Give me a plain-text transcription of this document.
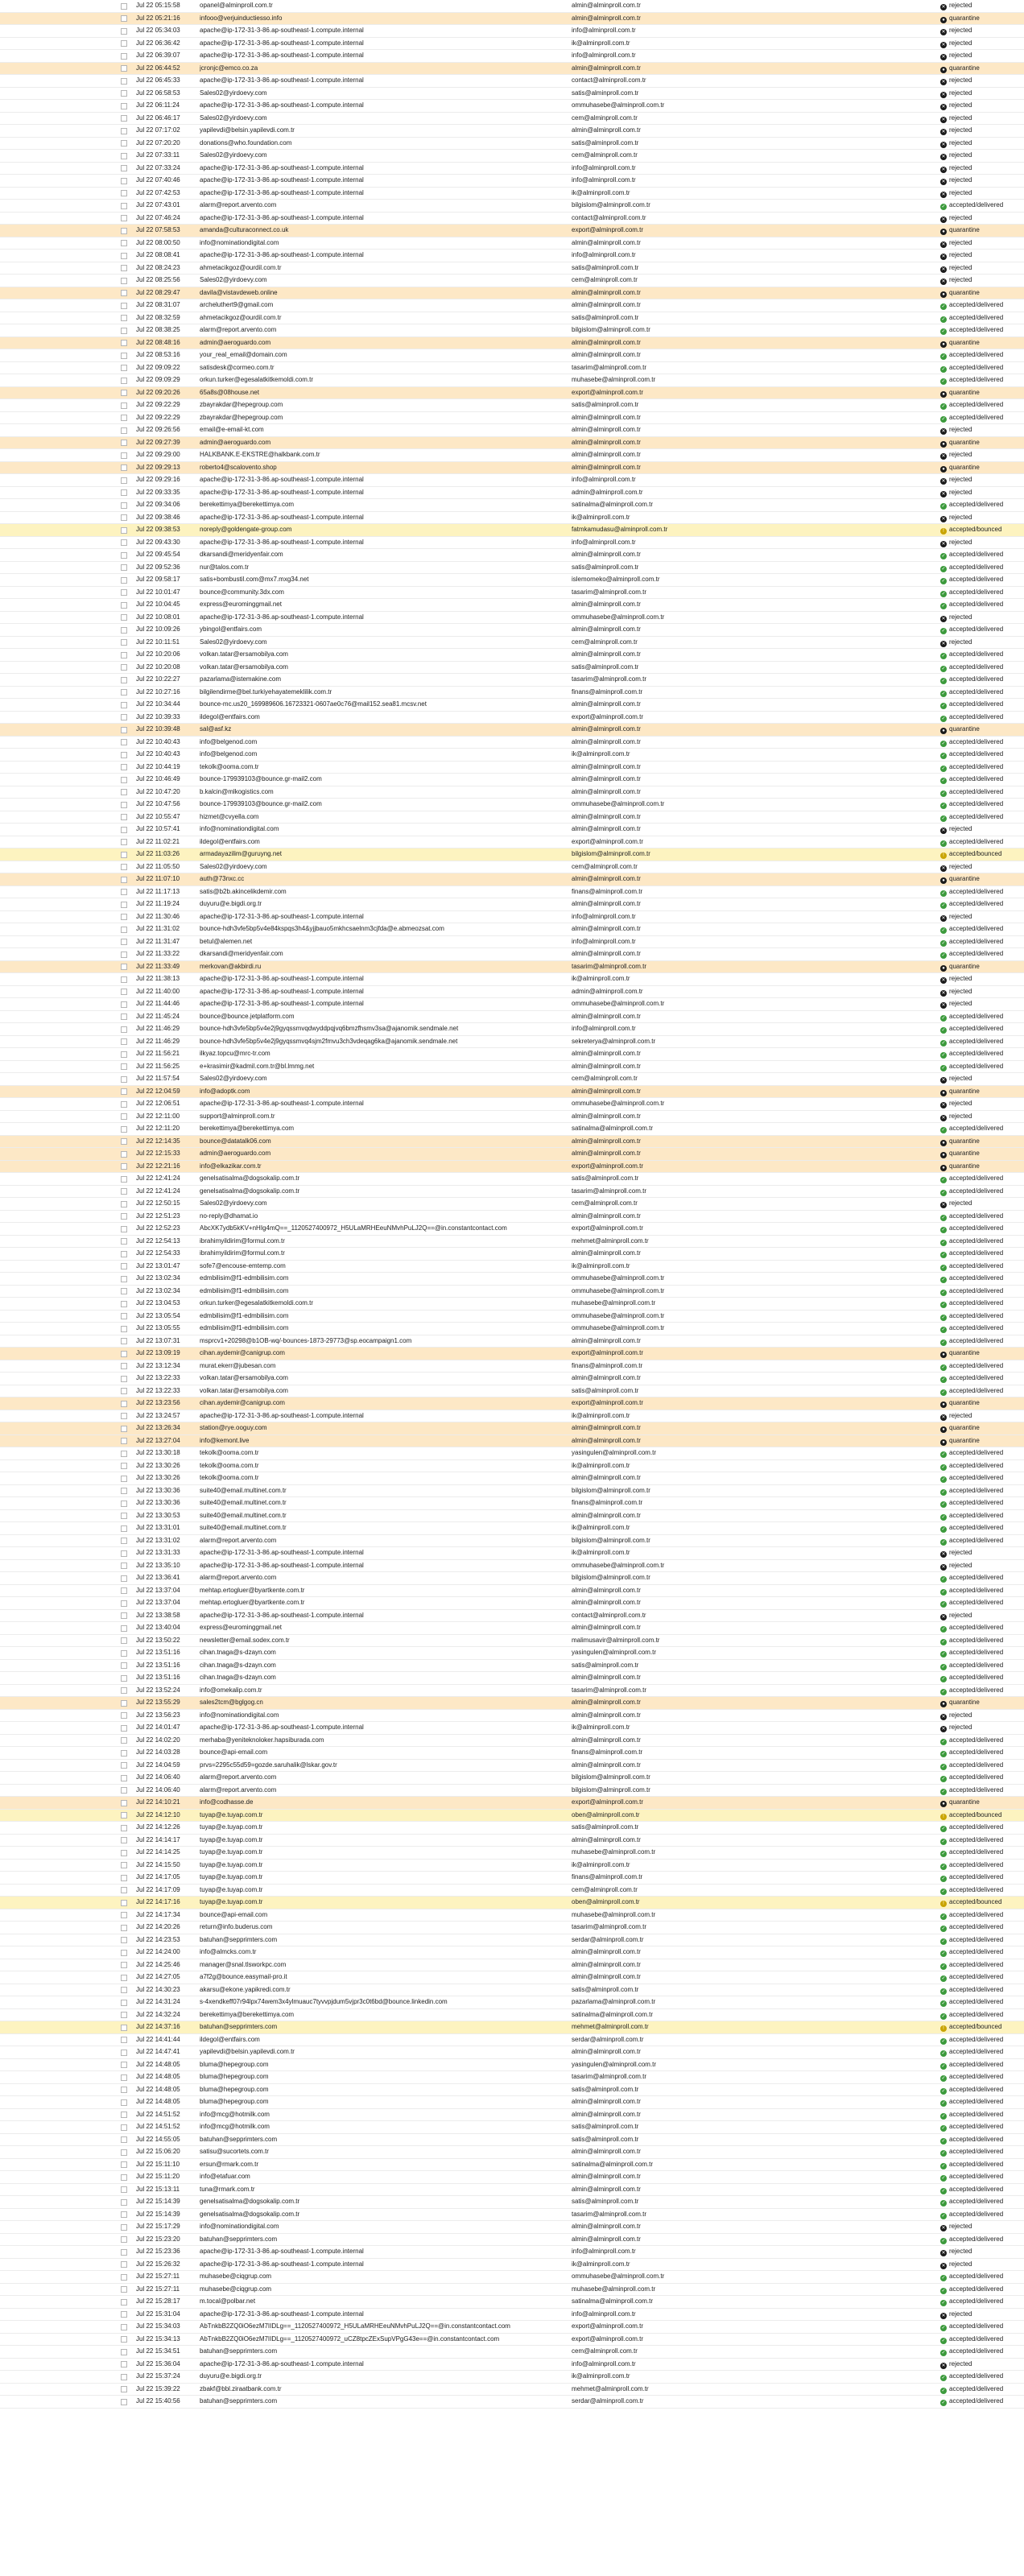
Jul 22 05:15:58	opanel@alminproll.com.tr	almin@alminproll.com.tr	✕ rejected
Jul 22 05:21:16	infooo@verjuinductiesso.info	almin@alminproll.com.tr	● quarantine
Jul 22 05:34:03	apache@ip-172-31-3-86.ap-southeast-1.compute.internal	info@alminproll.com.tr	✕ rejected
Jul 22 06:36:42	apache@ip-172-31-3-86.ap-southeast-1.compute.internal	ik@alminproll.com.tr	✕ rejected
Jul 22 06:39:07	apache@ip-172-31-3-86.ap-southeast-1.compute.internal	info@alminproll.com.tr	✕ rejected
Jul 22 06:44:52	jcronjc@emco.co.za	almin@alminproll.com.tr	● quarantine
Jul 22 06:45:33	apache@ip-172-31-3-86.ap-southeast-1.compute.internal	contact@alminproll.com.tr	✕ rejected
Jul 22 06:58:53	Sales02@yirdoevy.com	satis@alminproll.com.tr	✕ rejected
Jul 22 06:11:24	apache@ip-172-31-3-86.ap-southeast-1.compute.internal	ommuhasebe@alminproll.com.tr	✕ rejected
Jul 22 06:46:17	Sales02@yirdoevy.com	cem@alminproll.com.tr	✕ rejected
Jul 22 07:17:02	yapilevdi@belsin.yapilevdi.com.tr	almin@alminproll.com.tr	✕ rejected
Jul 22 07:20:20	donations@who.foundation.com	satis@alminproll.com.tr	✕ rejected
Jul 22 07:33:11	Sales02@yirdoevy.com	cem@alminproll.com.tr	✕ rejected
Jul 22 07:33:24	apache@ip-172-31-3-86.ap-southeast-1.compute.internal	info@alminproll.com.tr	✕ rejected
Jul 22 07:40:46	apache@ip-172-31-3-86.ap-southeast-1.compute.internal	info@alminproll.com.tr	✕ rejected
Jul 22 07:42:53	apache@ip-172-31-3-86.ap-southeast-1.compute.internal	ik@alminproll.com.tr	✕ rejected
Jul 22 07:43:01	alarm@report.arvento.com	bilgislom@alminproll.com.tr	✓ accepted/delivered
Jul 22 07:46:24	apache@ip-172-31-3-86.ap-southeast-1.compute.internal	contact@alminproll.com.tr	✕ rejected
Jul 22 07:58:53	amanda@culturaconnect.co.uk	export@alminproll.com.tr	● quarantine
Jul 22 08:00:50	info@nominationdigital.com	almin@alminproll.com.tr	✕ rejected
Jul 22 08:08:41	apache@ip-172-31-3-86.ap-southeast-1.compute.internal	info@alminproll.com.tr	✕ rejected
Jul 22 08:24:23	ahmetacikgoz@ourdil.com.tr	satis@alminproll.com.tr	✕ rejected
Jul 22 08:25:56	Sales02@yirdoevy.com	cem@alminproll.com.tr	✕ rejected
Jul 22 08:29:47	davila@vistavdeweb.online	almin@alminproll.com.tr	● quarantine
Jul 22 08:31:07	archeluthert9@gmail.com	almin@alminproll.com.tr	✓ accepted/delivered
Jul 22 08:32:59	ahmetacikgoz@ourdil.com.tr	satis@alminproll.com.tr	✓ accepted/delivered
Jul 22 08:38:25	alarm@report.arvento.com	bilgislom@alminproll.com.tr	✓ accepted/delivered
Jul 22 08:48:16	admin@aeroguardo.com	almin@alminproll.com.tr	● quarantine
Jul 22 08:53:16	your_real_email@domain.com	almin@alminproll.com.tr	✓ accepted/delivered
Jul 22 09:09:22	satisdesk@cormeo.com.tr	tasarim@alminproll.com.tr	✓ accepted/delivered
Jul 22 09:09:29	orkun.turker@egesalatkitkemoldi.com.tr	muhasebe@alminproll.com.tr	✓ accepted/delivered
Jul 22 09:20:26	65a8s@08house.net	export@alminproll.com.tr	● quarantine
Jul 22 09:22:29	zbayrakdar@hepegroup.com	satis@alminproll.com.tr	✓ accepted/delivered
Jul 22 09:22:29	zbayrakdar@hepegroup.com	almin@alminproll.com.tr	✓ accepted/delivered
Jul 22 09:26:56	email@e-email-kt.com	almin@alminproll.com.tr	✕ rejected
Jul 22 09:27:39	admin@aeroguardo.com	almin@alminproll.com.tr	● quarantine
Jul 22 09:29:00	HALKBANK.E-EKSTRE@halkbank.com.tr	almin@alminproll.com.tr	✕ rejected
Jul 22 09:29:13	roberto4@scalovento.shop	almin@alminproll.com.tr	● quarantine
Jul 22 09:29:16	apache@ip-172-31-3-86.ap-southeast-1.compute.internal	info@alminproll.com.tr	✕ rejected
Jul 22 09:33:35	apache@ip-172-31-3-86.ap-southeast-1.compute.internal	admin@alminproll.com.tr	✕ rejected
Jul 22 09:34:06	berekettimya@berekettimya.com	satinalma@alminproll.com.tr	✓ accepted/delivered
Jul 22 09:38:46	apache@ip-172-31-3-86.ap-southeast-1.compute.internal	ik@alminproll.com.tr	✕ rejected
Jul 22 09:38:53	noreply@goldengate-group.com	fatmkamudasu@alminproll.com.tr	! accepted/bounced
Jul 22 09:43:30	apache@ip-172-31-3-86.ap-southeast-1.compute.internal	info@alminproll.com.tr	✕ rejected
Jul 22 09:45:54	dkarsandi@meridyenfair.com	almin@alminproll.com.tr	✓ accepted/delivered
Jul 22 09:52:36	nur@talos.com.tr	satis@alminproll.com.tr	✓ accepted/delivered
Jul 22 09:58:17	satis+bombustil.com@mx7.mxg34.net	islemomeko@alminproll.com.tr	✓ accepted/delivered
Jul 22 10:01:47	bounce@community.3dx.com	tasarim@alminproll.com.tr	✓ accepted/delivered
Jul 22 10:04:45	express@eurominggmail.net	almin@alminproll.com.tr	✓ accepted/delivered
Jul 22 10:08:01	apache@ip-172-31-3-86.ap-southeast-1.compute.internal	ommuhasebe@alminproll.com.tr	✕ rejected
Jul 22 10:09:26	ybingol@entfairs.com	almin@alminproll.com.tr	✓ accepted/delivered
Jul 22 10:11:51	Sales02@yirdoevy.com	cem@alminproll.com.tr	✕ rejected
Jul 22 10:20:06	volkan.tatar@ersamobilya.com	almin@alminproll.com.tr	✓ accepted/delivered
Jul 22 10:20:08	volkan.tatar@ersamobilya.com	satis@alminproll.com.tr	✓ accepted/delivered
Jul 22 10:22:27	pazarlama@istemakine.com	tasarim@alminproll.com.tr	✓ accepted/delivered
Jul 22 10:27:16	bilgilendirme@bel.turkiyehayatemeklilik.com.tr	finans@alminproll.com.tr	✓ accepted/delivered
Jul 22 10:34:44	bounce-mc.us20_169989606.16723321-0607ae0c76@mail152.sea81.mcsv.net	almin@alminproll.com.tr	✓ accepted/delivered
Jul 22 10:39:33	ildegol@entfairs.com	export@alminproll.com.tr	✓ accepted/delivered
Jul 22 10:39:48	sal@asf.kz	almin@alminproll.com.tr	● quarantine
Jul 22 10:40:43	info@belgenod.com	almin@alminproll.com.tr	✓ accepted/delivered
Jul 22 10:40:43	info@belgenod.com	ik@alminproll.com.tr	✓ accepted/delivered
Jul 22 10:44:19	tekolk@ooma.com.tr	almin@alminproll.com.tr	✓ accepted/delivered
Jul 22 10:46:49	bounce-179939103@bounce.gr-mail2.com	almin@alminproll.com.tr	✓ accepted/delivered
Jul 22 10:47:20	b.kalcin@mlkogistics.com	almin@alminproll.com.tr	✓ accepted/delivered
Jul 22 10:47:56	bounce-179939103@bounce.gr-mail2.com	ommuhasebe@alminproll.com.tr	✓ accepted/delivered
Jul 22 10:55:47	hizmet@cvyella.com	almin@alminproll.com.tr	✓ accepted/delivered
Jul 22 10:57:41	info@nominationdigital.com	almin@alminproll.com.tr	✕ rejected
Jul 22 11:02:21	ildegol@entfairs.com	export@alminproll.com.tr	✓ accepted/delivered
Jul 22 11:03:26	armadayazilim@guruyng.net	bilgislom@alminproll.com.tr	! accepted/bounced
Jul 22 11:05:50	Sales02@yirdoevy.com	cem@alminproll.com.tr	✕ rejected
Jul 22 11:07:10	auth@73nxc.cc	almin@alminproll.com.tr	● quarantine
Jul 22 11:17:13	satis@b2b.akincelikdemir.com	finans@alminproll.com.tr	✓ accepted/delivered
Jul 22 11:19:24	duyuru@e.bigdi.org.tr	almin@alminproll.com.tr	✓ accepted/delivered
Jul 22 11:30:46	apache@ip-172-31-3-86.ap-southeast-1.compute.internal	info@alminproll.com.tr	✕ rejected
Jul 22 11:31:02	bounce-hdh3vfe5bp5v4e84kspqs3h4&yjjbauo5mkhcsaelnm3cjfda@e.abmeozsat.com	almin@alminproll.com.tr	✓ accepted/delivered
Jul 22 11:31:47	betul@alemen.net	info@alminproll.com.tr	✓ accepted/delivered
Jul 22 11:33:22	dkarsandi@meridyenfair.com	almin@alminproll.com.tr	✓ accepted/delivered
Jul 22 11:33:49	merkovan@akbirdi.ru	tasarim@alminproll.com.tr	● quarantine
Jul 22 11:38:13	apache@ip-172-31-3-86.ap-southeast-1.compute.internal	ik@alminproll.com.tr	✕ rejected
Jul 22 11:40:00	apache@ip-172-31-3-86.ap-southeast-1.compute.internal	admin@alminproll.com.tr	✕ rejected
Jul 22 11:44:46	apache@ip-172-31-3-86.ap-southeast-1.compute.internal	ommuhasebe@alminproll.com.tr	✕ rejected
Jul 22 11:45:24	bounce@bounce.jetplatform.com	almin@alminproll.com.tr	✓ accepted/delivered
Jul 22 11:46:29	bounce-hdh3vfe5bp5v4e2j9gyqssmvqdwyddpqjvq6bmzfhsmv3sa@ajanomik.sendmale.net	info@alminproll.com.tr	✓ accepted/delivered
Jul 22 11:46:29	bounce-hdh3vfe5bp5v4e2j9gyqssmvq4sjm2fmvu3ch3vdeqag6ka@ajanomik.sendmale.net	sekreterya@alminproll.com.tr	✓ accepted/delivered
Jul 22 11:56:21	ilkyaz.topcu@mrc-tr.com	almin@alminproll.com.tr	✓ accepted/delivered
Jul 22 11:56:25	e+krasimir@kadmil.com.tr@bl.lmmg.net	almin@alminproll.com.tr	✓ accepted/delivered
Jul 22 11:57:54	Sales02@yirdoevy.com	cem@alminproll.com.tr	✕ rejected
Jul 22 12:04:59	info@adoptk.com	almin@alminproll.com.tr	● quarantine
Jul 22 12:06:51	apache@ip-172-31-3-86.ap-southeast-1.compute.internal	ommuhasebe@alminproll.com.tr	✕ rejected
Jul 22 12:11:00	support@alminproll.com.tr	almin@alminproll.com.tr	✕ rejected
Jul 22 12:11:20	berekettimya@berekettimya.com	satinalma@alminproll.com.tr	✓ accepted/delivered
Jul 22 12:14:35	bounce@datatalk06.com	almin@alminproll.com.tr	● quarantine
Jul 22 12:15:33	admin@aeroguardo.com	almin@alminproll.com.tr	● quarantine
Jul 22 12:21:16	info@elkazikar.com.tr	export@alminproll.com.tr	● quarantine
Jul 22 12:41:24	genelsatisalma@dogsokalip.com.tr	satis@alminproll.com.tr	✓ accepted/delivered
Jul 22 12:41:24	genelsatisalma@dogsokalip.com.tr	tasarim@alminproll.com.tr	✓ accepted/delivered
Jul 22 12:50:15	Sales02@yirdoevy.com	cem@alminproll.com.tr	✕ rejected
Jul 22 12:51:23	no-reply@dhamat.io	almin@alminproll.com.tr	✓ accepted/delivered
Jul 22 12:52:23	AbcXK7ydb5kKV+nHIg4mQ==_1120527400972_H5ULaMRHEeuNMvhPuLJ2Q==@in.constantcontact.com	export@alminproll.com.tr	✓ accepted/delivered
Jul 22 12:54:13	ibrahimyildirim@formul.com.tr	mehmet@alminproll.com.tr	✓ accepted/delivered
Jul 22 12:54:33	ibrahimyildirim@formul.com.tr	almin@alminproll.com.tr	✓ accepted/delivered
Jul 22 13:01:47	sofe7@encouse-emtemp.com	ik@alminproll.com.tr	✓ accepted/delivered
Jul 22 13:02:34	edmbilisim@f1-edmbilisim.com	ommuhasebe@alminproll.com.tr	✓ accepted/delivered
Jul 22 13:02:34	edmbilisim@f1-edmbilisim.com	ommuhasebe@alminproll.com.tr	✓ accepted/delivered
Jul 22 13:04:53	orkun.turker@egesalatkitkemoldi.com.tr	muhasebe@alminproll.com.tr	✓ accepted/delivered
Jul 22 13:05:54	edmbilisim@f1-edmbilisim.com	ommuhasebe@alminproll.com.tr	✓ accepted/delivered
Jul 22 13:05:55	edmbilisim@f1-edmbilisim.com	ommuhasebe@alminproll.com.tr	✓ accepted/delivered
Jul 22 13:07:31	msprcv1+20298@b1OB-wq/-bounces-1873-29773@sp.eocampaign1.com	almin@alminproll.com.tr	✓ accepted/delivered
Jul 22 13:09:19	cihan.aydemir@canigrup.com	export@alminproll.com.tr	● quarantine
Jul 22 13:12:34	murat.ekerr@jubesan.com	finans@alminproll.com.tr	✓ accepted/delivered
Jul 22 13:22:33	volkan.tatar@ersamobilya.com	almin@alminproll.com.tr	✓ accepted/delivered
Jul 22 13:22:33	volkan.tatar@ersamobilya.com	satis@alminproll.com.tr	✓ accepted/delivered
Jul 22 13:23:56	cihan.aydemir@canigrup.com	export@alminproll.com.tr	● quarantine
Jul 22 13:24:57	apache@ip-172-31-3-86.ap-southeast-1.compute.internal	ik@alminproll.com.tr	✕ rejected
Jul 22 13:26:34	station@rye.ooguy.com	almin@alminproll.com.tr	● quarantine
Jul 22 13:27:04	info@kemont.live	almin@alminproll.com.tr	● quarantine
Jul 22 13:30:18	tekolk@ooma.com.tr	yasingulen@alminproll.com.tr	✓ accepted/delivered
Jul 22 13:30:26	tekolk@ooma.com.tr	ik@alminproll.com.tr	✓ accepted/delivered
Jul 22 13:30:26	tekolk@ooma.com.tr	almin@alminproll.com.tr	✓ accepted/delivered
Jul 22 13:30:36	suite40@email.multinet.com.tr	bilgislom@alminproll.com.tr	✓ accepted/delivered
Jul 22 13:30:36	suite40@email.multinet.com.tr	finans@alminproll.com.tr	✓ accepted/delivered
Jul 22 13:30:53	suite40@email.multinet.com.tr	almin@alminproll.com.tr	✓ accepted/delivered
Jul 22 13:31:01	suite40@email.multinet.com.tr	ik@alminproll.com.tr	✓ accepted/delivered
Jul 22 13:31:02	alarm@report.arvento.com	bilgislom@alminproll.com.tr	✓ accepted/delivered
Jul 22 13:31:33	apache@ip-172-31-3-86.ap-southeast-1.compute.internal	ik@alminproll.com.tr	✕ rejected
Jul 22 13:35:10	apache@ip-172-31-3-86.ap-southeast-1.compute.internal	ommuhasebe@alminproll.com.tr	✕ rejected
Jul 22 13:36:41	alarm@report.arvento.com	bilgislom@alminproll.com.tr	✓ accepted/delivered
Jul 22 13:37:04	mehtap.ertogluer@byartkente.com.tr	almin@alminproll.com.tr	✓ accepted/delivered
Jul 22 13:37:04	mehtap.ertogluer@byartkente.com.tr	almin@alminproll.com.tr	✓ accepted/delivered
Jul 22 13:38:58	apache@ip-172-31-3-86.ap-southeast-1.compute.internal	contact@alminproll.com.tr	✕ rejected
Jul 22 13:40:04	express@eurominggmail.net	almin@alminproll.com.tr	✓ accepted/delivered
Jul 22 13:50:22	newsletter@email.sodex.com.tr	malimusavir@alminproll.com.tr	✓ accepted/delivered
Jul 22 13:51:16	cihan.tnaga@s-dzayn.com	yasingulen@alminproll.com.tr	✓ accepted/delivered
Jul 22 13:51:16	cihan.tnaga@s-dzayn.com	satis@alminproll.com.tr	✓ accepted/delivered
Jul 22 13:51:16	cihan.tnaga@s-dzayn.com	almin@alminproll.com.tr	✓ accepted/delivered
Jul 22 13:52:24	info@omekalip.com.tr	tasarim@alminproll.com.tr	✓ accepted/delivered
Jul 22 13:55:29	sales2tcm@bglgog.cn	almin@alminproll.com.tr	● quarantine
Jul 22 13:56:23	info@nominationdigital.com	almin@alminproll.com.tr	✕ rejected
Jul 22 14:01:47	apache@ip-172-31-3-86.ap-southeast-1.compute.internal	ik@alminproll.com.tr	✕ rejected
Jul 22 14:02:20	merhaba@yeniteknoloker.hapsiburada.com	almin@alminproll.com.tr	✓ accepted/delivered
Jul 22 14:03:28	bounce@api-email.com	finans@alminproll.com.tr	✓ accepted/delivered
Jul 22 14:04:59	prvs=2295c55d59=gozde.saruhalik@lskar.gov.tr	almin@alminproll.com.tr	✓ accepted/delivered
Jul 22 14:06:40	alarm@report.arvento.com	bilgislom@alminproll.com.tr	✓ accepted/delivered
Jul 22 14:06:40	alarm@report.arvento.com	bilgislom@alminproll.com.tr	✓ accepted/delivered
Jul 22 14:10:21	info@codhasse.de	export@alminproll.com.tr	● quarantine
Jul 22 14:12:10	tuyap@e.tuyap.com.tr	oben@alminproll.com.tr	! accepted/bounced
Jul 22 14:12:26	tuyap@e.tuyap.com.tr	satis@alminproll.com.tr	✓ accepted/delivered
Jul 22 14:14:17	tuyap@e.tuyap.com.tr	almin@alminproll.com.tr	✓ accepted/delivered
Jul 22 14:14:25	tuyap@e.tuyap.com.tr	muhasebe@alminproll.com.tr	✓ accepted/delivered
Jul 22 14:15:50	tuyap@e.tuyap.com.tr	ik@alminproll.com.tr	✓ accepted/delivered
Jul 22 14:17:05	tuyap@e.tuyap.com.tr	finans@alminproll.com.tr	✓ accepted/delivered
Jul 22 14:17:09	tuyap@e.tuyap.com.tr	cem@alminproll.com.tr	✓ accepted/delivered
Jul 22 14:17:16	tuyap@e.tuyap.com.tr	oben@alminproll.com.tr	! accepted/bounced
Jul 22 14:17:34	bounce@api-email.com	muhasebe@alminproll.com.tr	✓ accepted/delivered
Jul 22 14:20:26	return@info.buderus.com	tasarim@alminproll.com.tr	✓ accepted/delivered
Jul 22 14:23:53	batuhan@sepprimters.com	serdar@alminproll.com.tr	✓ accepted/delivered
Jul 22 14:24:00	info@almcks.com.tr	almin@alminproll.com.tr	✓ accepted/delivered
Jul 22 14:25:46	manager@snal.tlsworkpc.com	almin@alminproll.com.tr	✓ accepted/delivered
Jul 22 14:27:05	a7f2g@bounce.easymail-pro.it	almin@alminproll.com.tr	✓ accepted/delivered
Jul 22 14:30:23	akarsu@ekone.yapikredi.com.tr	satis@alminproll.com.tr	✓ accepted/delivered
Jul 22 14:31:24	s-4xendkeff07r94lpx74wem3x4ylmuauc7tyvvpjdum5vjpr3c0t6bd@bounce.linkedin.com	pazarlama@alminproll.com.tr	✓ accepted/delivered
Jul 22 14:32:24	berekettimya@berekettimya.com	satinalma@alminproll.com.tr	✓ accepted/delivered
Jul 22 14:37:16	batuhan@sepprimters.com	mehmet@alminproll.com.tr	! accepted/bounced
Jul 22 14:41:44	ildegol@entfairs.com	serdar@alminproll.com.tr	✓ accepted/delivered
Jul 22 14:47:41	yapilevdi@belsin.yapilevdi.com.tr	almin@alminproll.com.tr	✓ accepted/delivered
Jul 22 14:48:05	bluma@hepegroup.com	yasingulen@alminproll.com.tr	✓ accepted/delivered
Jul 22 14:48:05	bluma@hepegroup.com	tasarim@alminproll.com.tr	✓ accepted/delivered
Jul 22 14:48:05	bluma@hepegroup.com	satis@alminproll.com.tr	✓ accepted/delivered
Jul 22 14:48:05	bluma@hepegroup.com	almin@alminproll.com.tr	✓ accepted/delivered
Jul 22 14:51:52	info@mcg@hotmilk.com	almin@alminproll.com.tr	✓ accepted/delivered
Jul 22 14:51:52	info@mcg@hotmilk.com	satis@alminproll.com.tr	✓ accepted/delivered
Jul 22 14:55:05	batuhan@sepprimters.com	satis@alminproll.com.tr	✓ accepted/delivered
Jul 22 15:06:20	satisu@sucortets.com.tr	almin@alminproll.com.tr	✓ accepted/delivered
Jul 22 15:11:10	ersun@rmark.com.tr	satinalma@alminproll.com.tr	✓ accepted/delivered
Jul 22 15:11:20	info@etafuar.com	almin@alminproll.com.tr	✓ accepted/delivered
Jul 22 15:13:11	tuna@rmark.com.tr	almin@alminproll.com.tr	✓ accepted/delivered
Jul 22 15:14:39	genelsatisalma@dogsokalip.com.tr	satis@alminproll.com.tr	✓ accepted/delivered
Jul 22 15:14:39	genelsatisalma@dogsokalip.com.tr	tasarim@alminproll.com.tr	✓ accepted/delivered
Jul 22 15:17:29	info@nominationdigital.com	almin@alminproll.com.tr	✕ rejected
Jul 22 15:23:20	batuhan@sepprimters.com	almin@alminproll.com.tr	✓ accepted/delivered
Jul 22 15:23:36	apache@ip-172-31-3-86.ap-southeast-1.compute.internal	info@alminproll.com.tr	✕ rejected
Jul 22 15:26:32	apache@ip-172-31-3-86.ap-southeast-1.compute.internal	ik@alminproll.com.tr	✕ rejected
Jul 22 15:27:11	muhasebe@ciqgrup.com	ommuhasebe@alminproll.com.tr	✓ accepted/delivered
Jul 22 15:27:11	muhasebe@ciqgrup.com	muhasebe@alminproll.com.tr	✓ accepted/delivered
Jul 22 15:28:17	m.tocal@polbar.net	satinalma@alminproll.com.tr	✓ accepted/delivered
Jul 22 15:31:04	apache@ip-172-31-3-86.ap-southeast-1.compute.internal	info@alminproll.com.tr	✕ rejected
Jul 22 15:34:03	AbTnkbB2ZQ0iO6ezM7IIDLg==_1120527400972_H5ULaMRHEeuNMvhPuLJ2Q==@in.constantcontact.com	export@alminproll.com.tr	✓ accepted/delivered
Jul 22 15:34:13	AbTnkbB2ZQ0iO6ezM7IIDLg==_1120527400972_uCZ8tpcZExSupVPgG43e==@in.constantcontact.com	export@alminproll.com.tr	✓ accepted/delivered
Jul 22 15:34:51	batuhan@sepprimters.com	cem@alminproll.com.tr	✓ accepted/delivered
Jul 22 15:36:04	apache@ip-172-31-3-86.ap-southeast-1.compute.internal	info@alminproll.com.tr	✕ rejected
Jul 22 15:37:24	duyuru@e.bigdi.org.tr	ik@alminproll.com.tr	✓ accepted/delivered
Jul 22 15:39:22	zbakf@bbl.ziraatbank.com.tr	mehmet@alminproll.com.tr	✓ accepted/delivered
Jul 22 15:40:56	batuhan@sepprimters.com	serdar@alminproll.com.tr	✓ accepted/delivered
